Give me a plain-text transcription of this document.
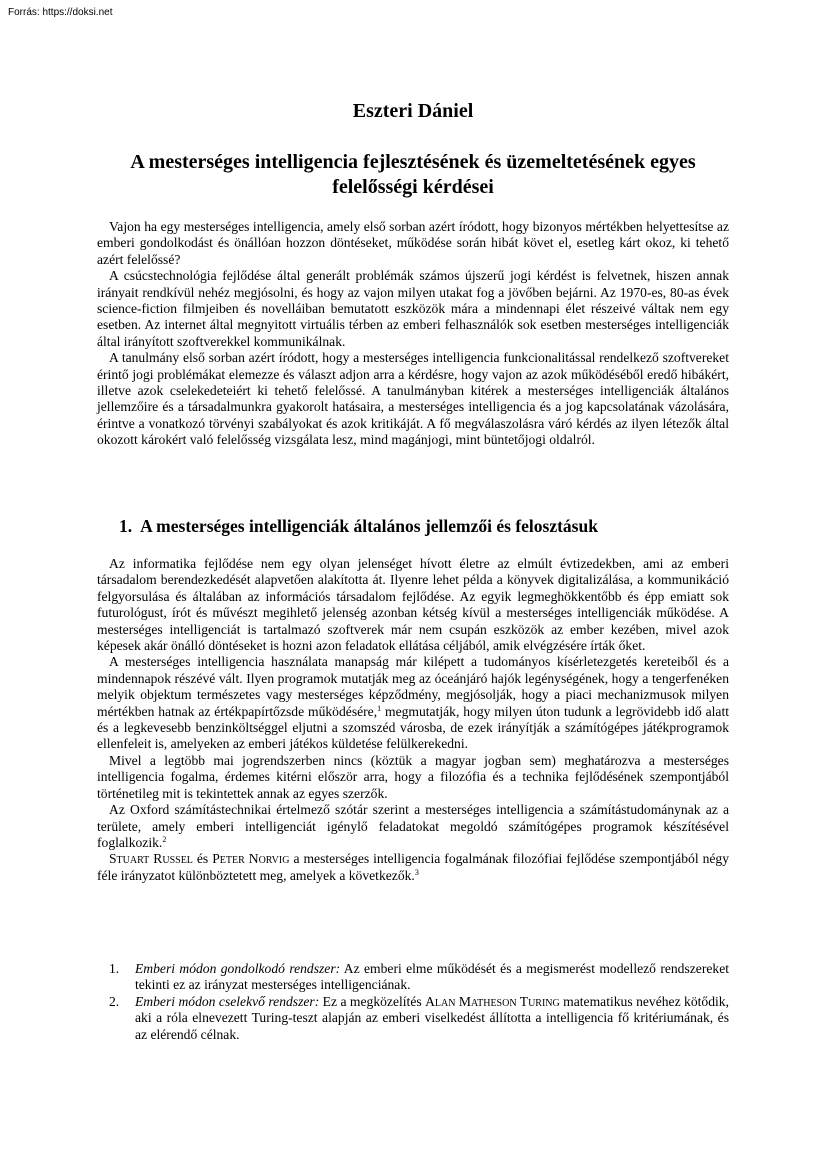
Forrás: https://doksi.net
Eszteri Dániel
A mesterséges intelligencia fejlesztésének és üzemeltetésének egyes felelősségi kérdései

Vajon ha egy mesterséges intelligencia, amely első sorban azért íródott, hogy bizonyos mértékben helyettesítse az emberi gondolkodást és önállóan hozzon döntéseket, működése során hibát követ el, esetleg kárt okoz, ki tehető azért felelőssé?

A csúcstechnológia fejlődése által generált problémák számos újszerű jogi kérdést is felvetnek, hiszen annak irányait rendkívül nehéz megjósolni, és hogy az vajon milyen utakat fog a jövőben bejárni. Az 1970-es, 80-as évek science-fiction filmjeiben és novelláiban bemutatott eszközök mára a mindennapi élet részeivé váltak nem egy esetben. Az internet által megnyitott virtuális térben az emberi felhasználók sok esetben mesterséges intelligenciák által irányított szoftverekkel kommunikálnak.

A tanulmány első sorban azért íródott, hogy a mesterséges intelligencia funkcionalitással rendelkező szoftvereket érintő jogi problémákat elemezze és választ adjon arra a kérdésre, hogy vajon az azok működéséből eredő hibákért, illetve azok cselekedeteiért ki tehető felelőssé. A tanulmányban kitérek a mesterséges intelligenciák általános jellemzőire és a társadalmunkra gyakorolt hatásaira, a mesterséges intelligencia és a jog kapcsolatának vázolására, érintve a vonatkozó törvényi szabályokat és azok kritikáját. A fő megválaszolásra váró kérdés az ilyen létezők által okozott károkért való felelősség vizsgálata lesz, mind magánjogi, mint büntetőjogi oldalról.

1. A mesterséges intelligenciák általános jellemzői és felosztásuk

Az informatika fejlődése nem egy olyan jelenséget hívott életre az elmúlt évtizedekben, ami az emberi társadalom berendezkedését alapvetően alakította át. Ilyenre lehet példa a könyvek digitalizálása, a kommunikáció felgyorsulása és általában az információs társadalom fejlődése. Az egyik legmeghökkentőbb és épp emiatt sok futurológust, írót és művészt megihlető jelenség azonban kétség kívül a mesterséges intelligenciák működése. A mesterséges intelligenciát is tartalmazó szoftverek már nem csupán eszközök az ember kezében, mivel azok képesek akár önálló döntéseket is hozni azon feladatok ellátása céljából, amik elvégzésére írták őket.

A mesterséges intelligencia használata manapság már kilépett a tudományos kísérletezgetés kereteiből és a mindennapok részévé vált. Ilyen programok mutatják meg az óceánjáró hajók legénységének, hogy a tengerfenéken melyik objektum természetes vagy mesterséges képződmény, megjósolják, hogy a piaci mechanizmusok milyen mértékben hatnak az értékpapírtőzsde működésére,$^1$ megmutatják, hogy milyen úton tudunk a legrövidebb idő alatt és a legkevesebb benzinköltséggel eljutni a szomszéd városba, de ezek irányítják a számítógépes játékprogramok ellenfeleit is, amelyeken az emberi játékos küldetése felülkerekedni.

Mivel a legtöbb mai jogrendszerben nincs (köztük a magyar jogban sem) meghatározva a mesterséges intelligencia fogalma, érdemes kitérni először arra, hogy a filozófia és a technika fejlődésének szempontjából történetileg mit is tekintettek annak az egyes szerzők.

Az Oxford számítástechnikai értelmező szótár szerint a mesterséges intelligencia a számítástudománynak az a területe, amely emberi intelligenciát igénylő feladatokat megoldó számítógépes programok készítésével foglalkozik.$^2$

Stuart Russel és Peter Norvig a mesterséges intelligencia fogalmának filozófiai fejlődése szempontjából négy féle irányzatot különböztetett meg, amelyek a következők.$^3$

1. Emberi módon gondolkodó rendszer: Az emberi elme működését és a megismerést modellező rendszereket tekinti ez az irányzat mesterséges intelligenciának.
2. Emberi módon cselekvő rendszer: Ez a megközelítés Alan Matheson Turing matematikus nevéhez kötődik, aki a róla elnevezett Turing-teszt alapján az emberi viselkedést állította a intelligencia fő kritériumának, és az elérendő célnak.
